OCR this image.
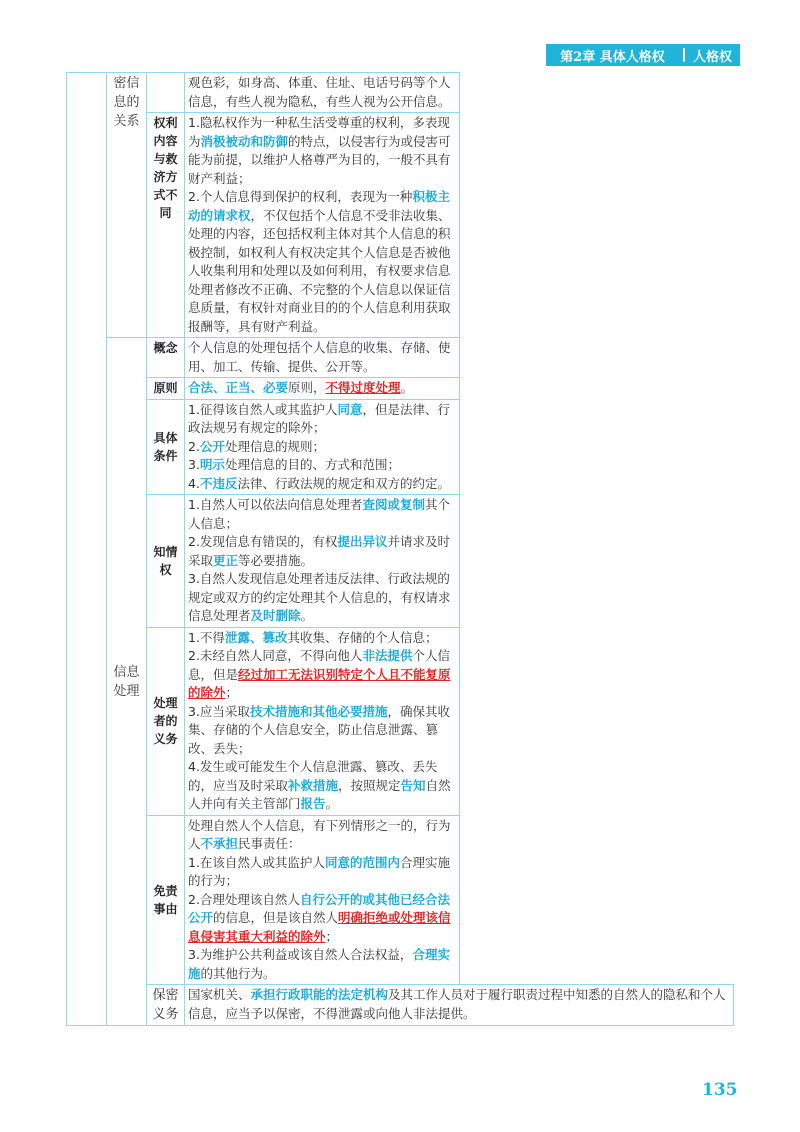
第2章 具体人格权	人格权
	密信息的关系		观色彩，如身高、体重、住址、电话号码等个人信息，有些人视为隐私，有些人视为公开信息。
		权利内容与救济方式不同	1.隐私权作为一种私生活受尊重的权利，多表现为消极被动和防御的特点，以侵害行为或侵害可能为前提，以维护人格尊严为目的，一般不具有财产利益；

2.个人信息得到保护的权利，表现为一种积极主动的请求权，不仅包括个人信息不受非法收集、处理的内容，还包括权利主体对其个人信息的积极控制，如权利人有权决定其个人信息是否被他人收集利用和处理以及如何利用，有权要求信息处理者修改不正确、不完整的个人信息以保证信息质量，有权针对商业目的的个人信息利用获取报酬等，具有财产利益。

	信息处理	概念	个人信息的处理包括个人信息的收集、存储、使用、加工、传输、提供、公开等。
		原则	合法、正当、必要原则，不得过度处理。
		具体条件	1.征得该自然人或其监护人同意，但是法律、行政法规另有规定的除外；

2.公开处理信息的规则；

3.明示处理信息的目的、方式和范围；

4.不违反法律、行政法规的规定和双方的约定。

		知情权	1.自然人可以依法向信息处理者查阅或复制其个人信息；

2.发现信息有错误的，有权提出异议并请求及时采取更正等必要措施。

3.自然人发现信息处理者违反法律、行政法规的规定或双方的约定处理其个人信息的，有权请求信息处理者及时删除。

		处理者的义务	1.不得泄露、篡改其收集、存储的个人信息；

2.未经自然人同意，不得向他人非法提供个人信息，但是经过加工无法识别特定个人且不能复原的除外；

3.应当采取技术措施和其他必要措施，确保其收集、存储的个人信息安全，防止信息泄露、篡改、丢失；

4.发生或可能发生个人信息泄露、篡改、丢失的，应当及时采取补救措施，按照规定告知自然人并向有关主管部门报告。

		免责事由	处理自然人个人信息，有下列情形之一的，行为人不承担民事责任：

1.在该自然人或其监护人同意的范围内合理实施的行为；

2.合理处理该自然人自行公开的或其他已经合法公开的信息，但是该自然人明确拒绝或处理该信息侵害其重大利益的除外；

3.为维护公共利益或该自然人合法权益，合理实施的其他行为。

		保密义务	国家机关、承担行政职能的法定机构及其工作人员对于履行职责过程中知悉的自然人的隐私和个人信息，应当予以保密，不得泄露或向他人非法提供。
135
